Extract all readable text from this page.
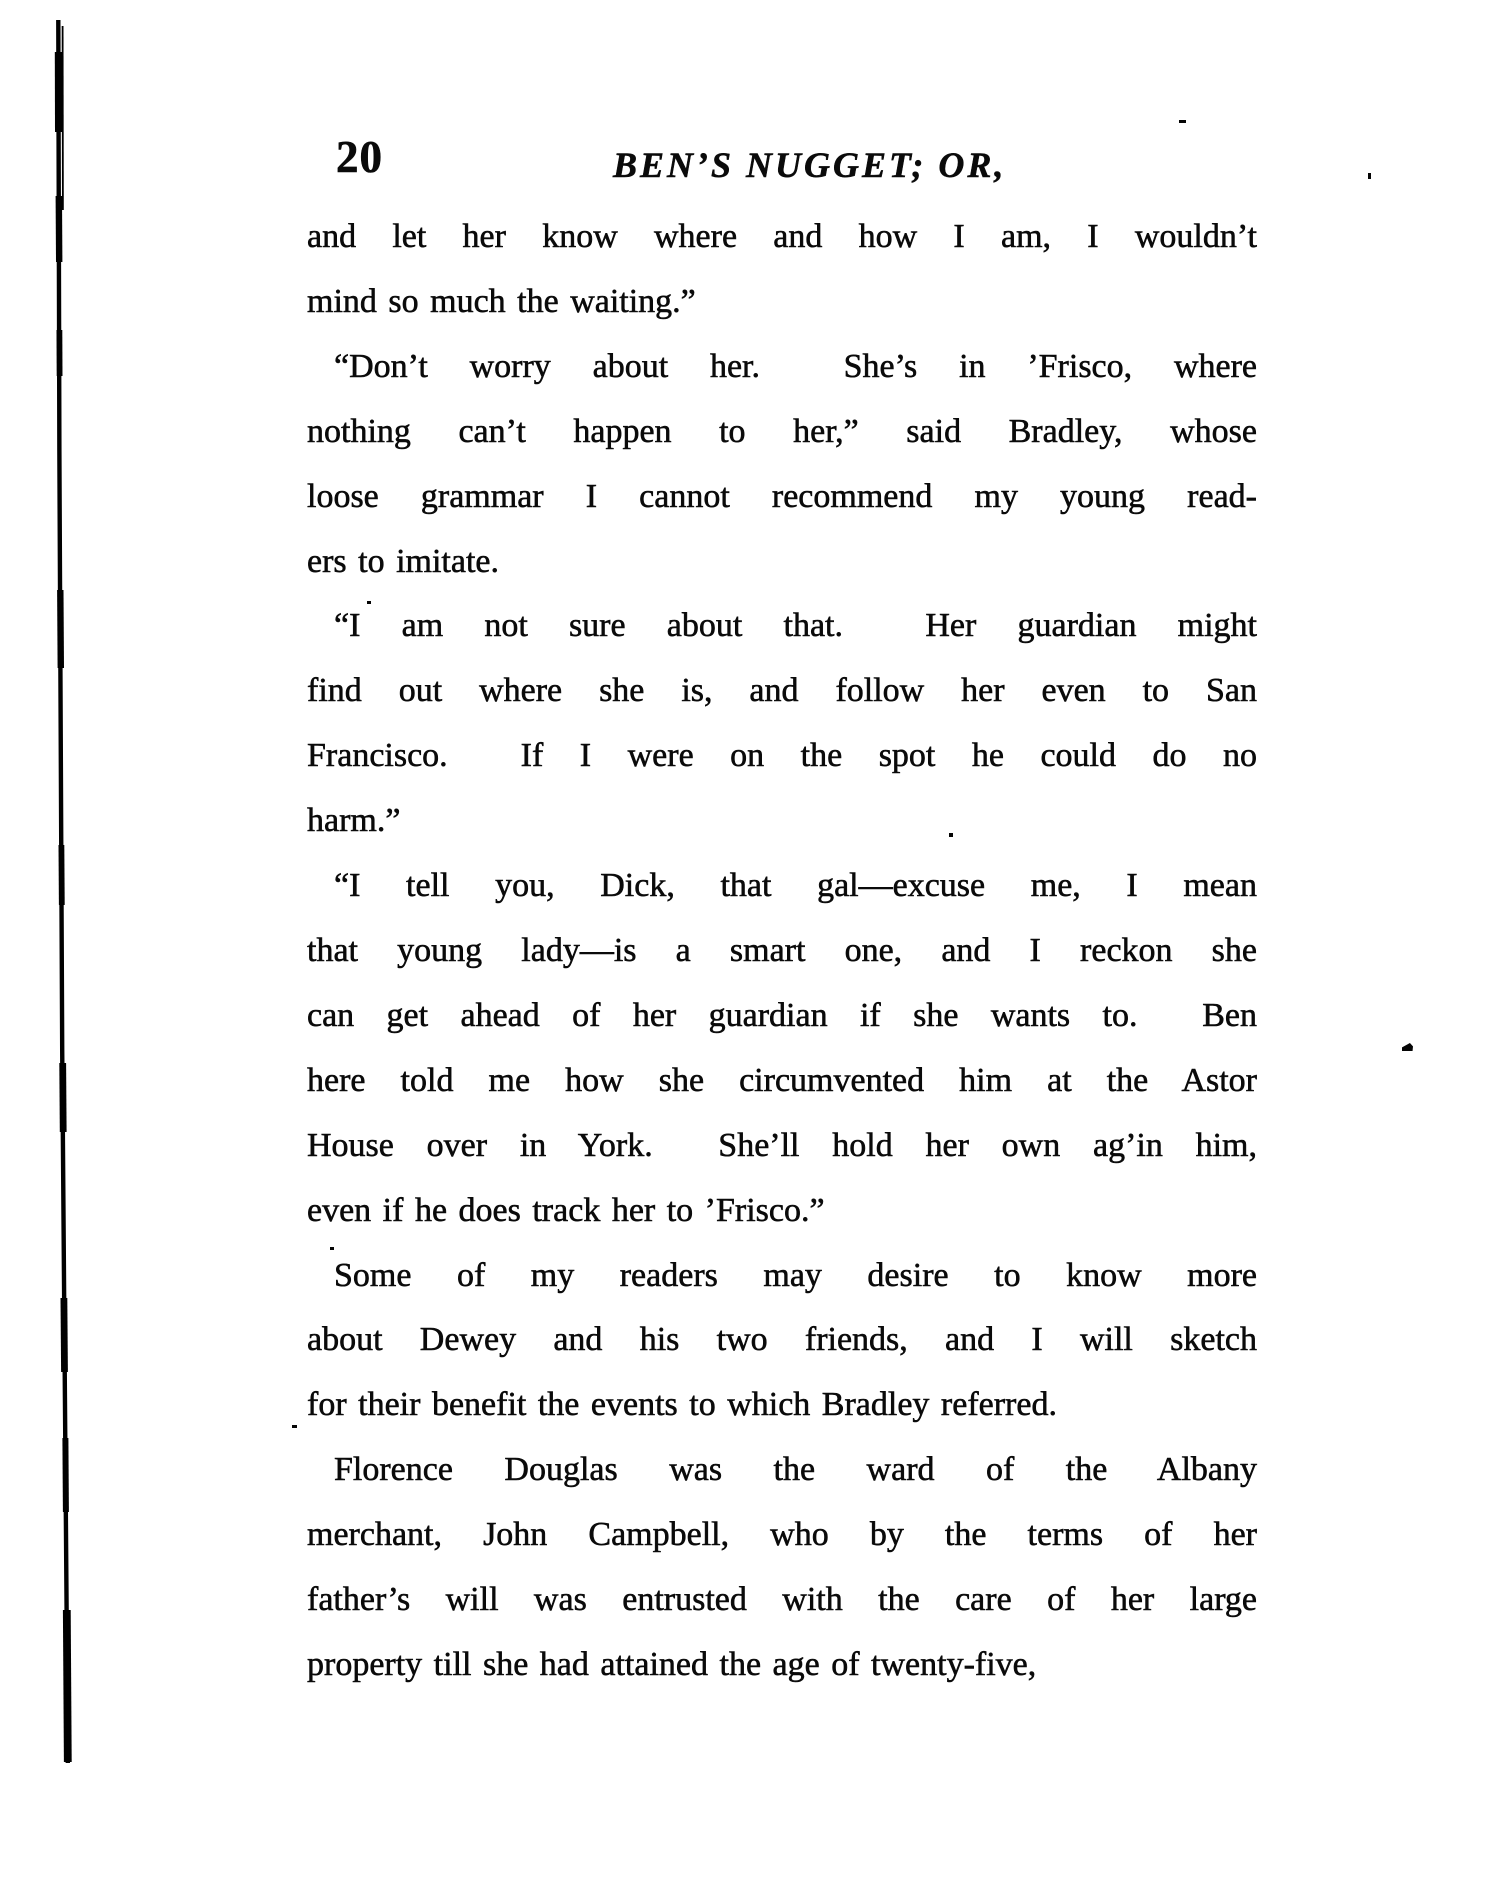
20	BEN’S NUGGET; OR,
and let her know where and how I am, I wouldn’t
mind so much the waiting.”
“Don’t worry about her.  She’s in ’Frisco, where
nothing can’t happen to her,” said Bradley, whose
loose grammar I cannot recommend my young read-
ers to imitate.
“I am not sure about that.  Her guardian might
find out where she is, and follow her even to San
Francisco.  If I were on the spot he could do no
harm.”
“I tell you, Dick, that gal—excuse me, I mean
that young lady—is a smart one, and I reckon she
can get ahead of her guardian if she wants to.  Ben
here told me how she circumvented him at the Astor
House over in York.  She’ll hold her own ag’in him,
even if he does track her to ’Frisco.”
Some of my readers may desire to know more
about Dewey and his two friends, and I will sketch
for their benefit the events to which Bradley referred.
Florence Douglas was the ward of the Albany
merchant, John Campbell, who by the terms of her
father’s will was entrusted with the care of her large
property till she had attained the age of twenty-five,
